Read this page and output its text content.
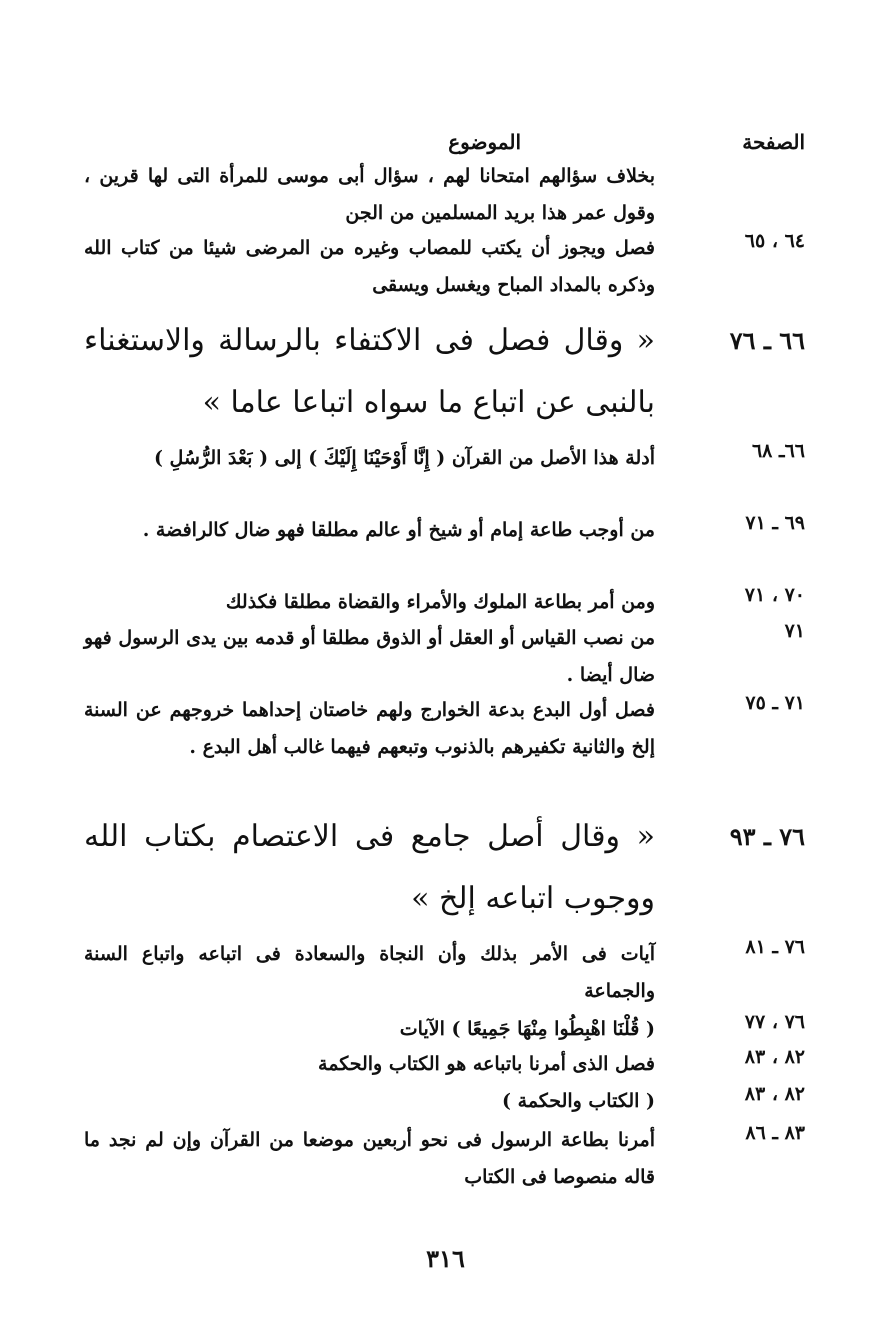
الصفحة
الموضوع
بخلاف سؤالهم امتحانا لهم ، سؤال أبى موسى للمرأة التى لها قرين ، وقول عمر هذا بريد المسلمين من الجن
٦٤ ، ٦٥
فصل ويجوز أن يكتب للمصاب وغيره من المرضى شيئا من كتاب الله وذكره بالمداد المباح ويغسل ويسقى
٦٦ ـ ٧٦
« وقال فصل فى الاكتفاء بالرسالة والاستغناء بالنبى عن اتباع ما سواه اتباعا عاما »
٦٦ـ ٦٨
أدلة هذا الأصل من القرآن ( إِنَّا أَوْحَيْنَا إِلَيْكَ ) إلى ( بَعْدَ الرُّسُلِ )
٦٩ ـ ٧١
من أوجب طاعة إمام أو شيخ أو عالم مطلقا فهو ضال كالرافضة .
٧٠ ، ٧١
ومن أمر بطاعة الملوك والأمراء والقضاة مطلقا فكذلك
٧١
من نصب القياس أو العقل أو الذوق مطلقا أو قدمه بين يدى الرسول فهو ضال أيضا .
٧١ ـ ٧٥
فصل أول البدع بدعة الخوارج ولهم خاصتان إحداهما خروجهم عن السنة إلخ والثانية تكفيرهم بالذنوب وتبعهم فيهما غالب أهل البدع .
٧٦ ـ ٩٣
« وقال أصل جامع فى الاعتصام بكتاب الله ووجوب اتباعه إلخ »
٧٦ ـ ٨١
آيات فى الأمر بذلك وأن النجاة والسعادة فى اتباعه واتباع السنة والجماعة
٧٦ ، ٧٧
( قُلْنَا اهْبِطُوا مِنْهَا جَمِيعًا ) الآيات
٨٢ ، ٨٣
فصل الذى أمرنا باتباعه هو الكتاب والحكمة
٨٢ ، ٨٣
( الكتاب والحكمة )
٨٣ ـ ٨٦
أمرنا بطاعة الرسول فى نحو أربعين موضعا من القرآن وإن لم نجد ما قاله منصوصا فى الكتاب
٣١٦
